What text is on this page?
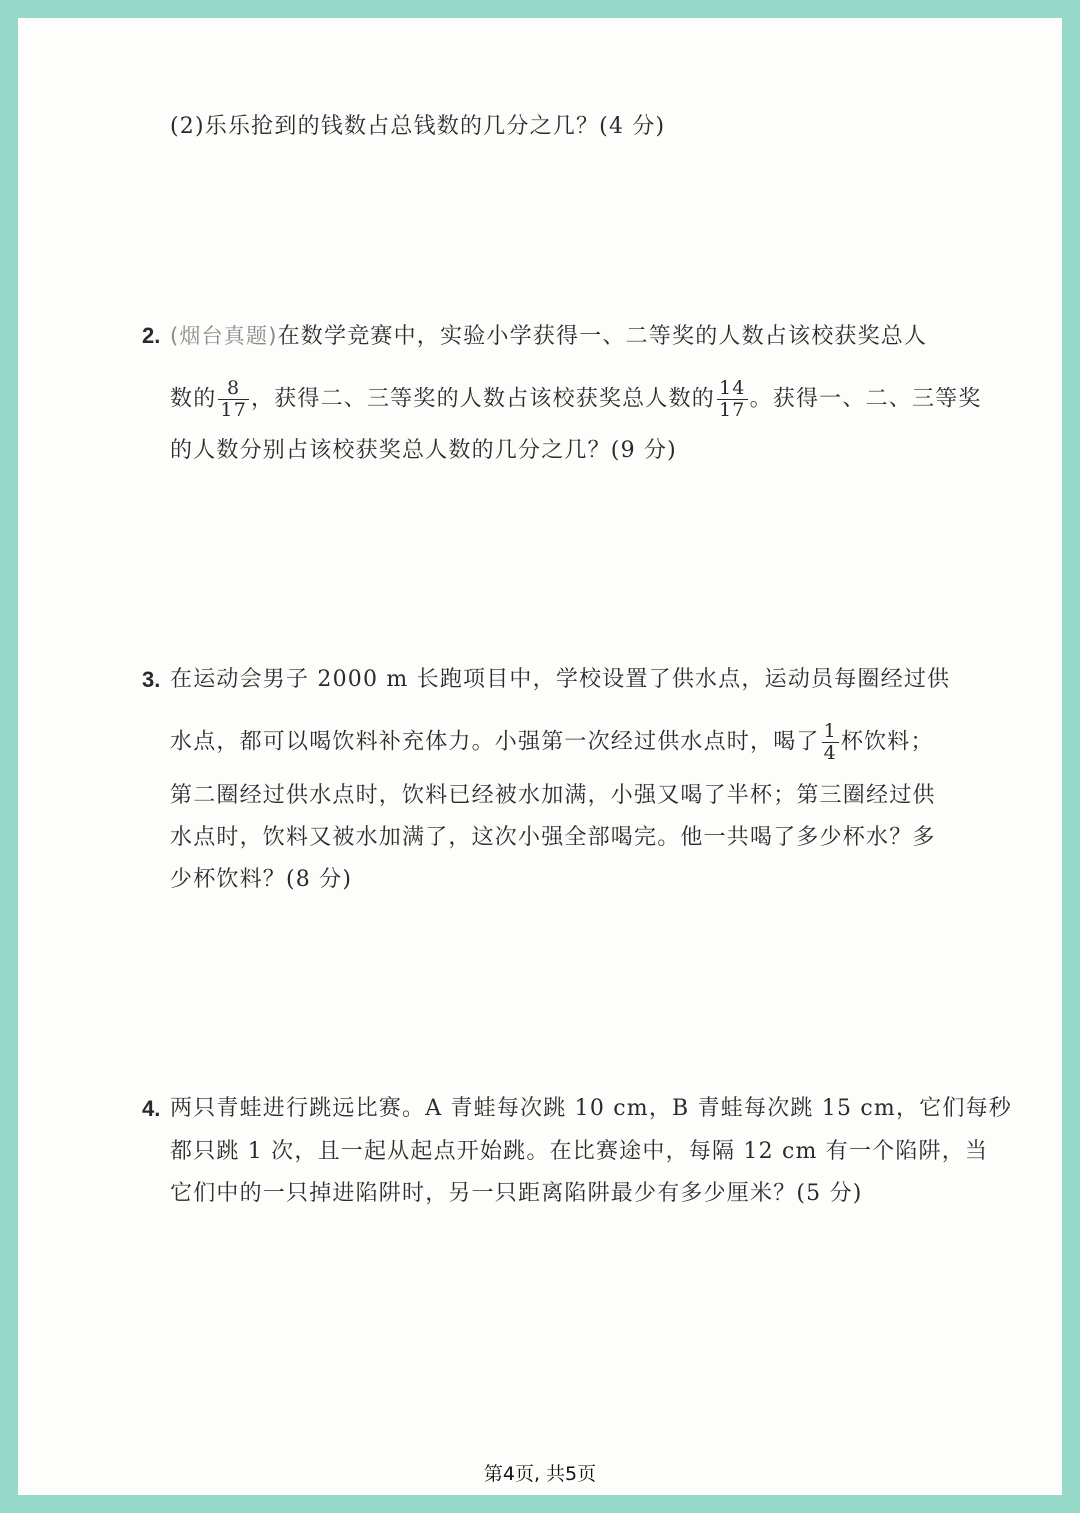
(2)乐乐抢到的钱数占总钱数的几分之几？(4 分)
2. (烟台真题)在数学竞赛中，实验小学获得一、二等奖的人数占该校获奖总人
数的 $\frac{8}{17}$ ，获得二、三等奖的人数占该校获奖总人数的 $\frac{14}{17}$ 。获得一、二、三等奖
的人数分别占该校获奖总人数的几分之几？(9 分)
3. 在运动会男子 2000 m 长跑项目中，学校设置了供水点，运动员每圈经过供
水点，都可以喝饮料补充体力。小强第一次经过供水点时，喝了 $\frac{1}{4}$ 杯饮料；
第二圈经过供水点时，饮料已经被水加满，小强又喝了半杯；第三圈经过供
水点时，饮料又被水加满了，这次小强全部喝完。他一共喝了多少杯水？多
少杯饮料？(8 分)
4. 两只青蛙进行跳远比赛。A 青蛙每次跳 10 cm，B 青蛙每次跳 15 cm，它们每秒
都只跳 1 次，且一起从起点开始跳。在比赛途中，每隔 12 cm 有一个陷阱，当
它们中的一只掉进陷阱时，另一只距离陷阱最少有多少厘米？(5 分)
第4页, 共5页
